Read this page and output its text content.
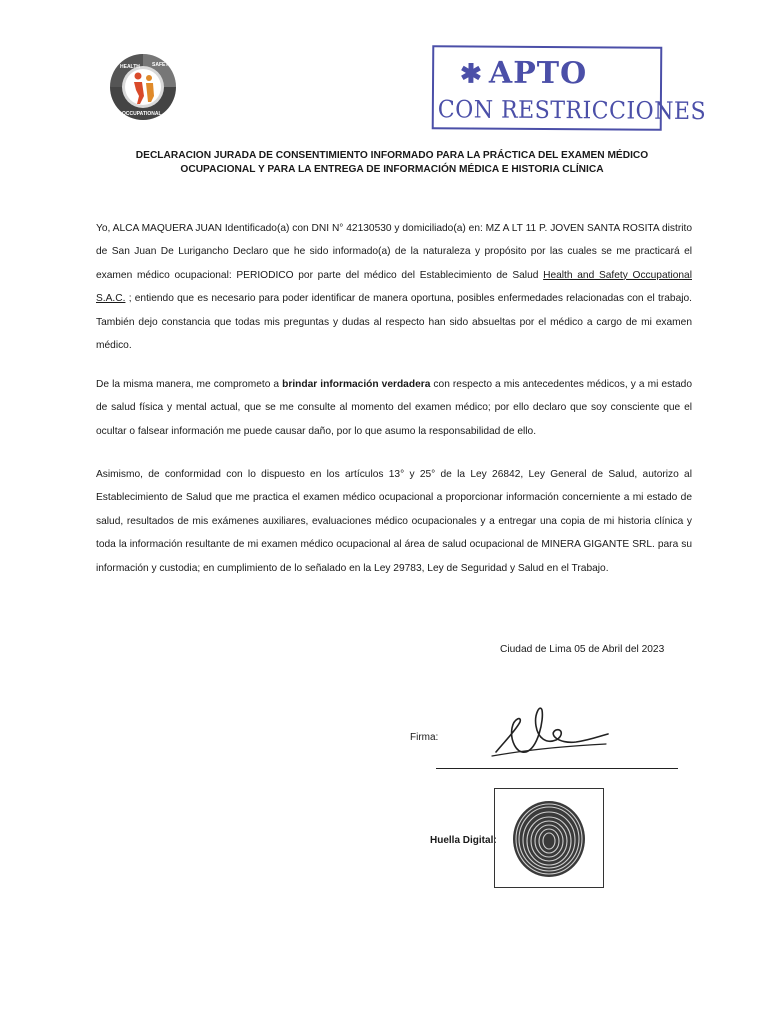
HEALTH SAFETY
OCCUPATIONAL
✱ APTO
CON RESTRICCIONES
DECLARACION JURADA DE CONSENTIMIENTO INFORMADO PARA LA PRÁCTICA DEL EXAMEN MÉDICO
OCUPACIONAL Y PARA LA ENTREGA DE INFORMACIÓN MÉDICA E HISTORIA CLÍNICA
Yo, ALCA MAQUERA JUAN Identificado(a) con DNI N° 42130530 y domiciliado(a) en: MZ A LT 11 P. JOVEN SANTA ROSITA distrito de San Juan De Lurigancho Declaro que he sido informado(a) de la naturaleza y propósito por las cuales se me practicará el examen médico ocupacional: PERIODICO por parte del médico del Establecimiento de Salud Health and Safety Occupational S.A.C. ; entiendo que es necesario para poder identificar de manera oportuna, posibles enfermedades relacionadas con el trabajo. También dejo constancia que todas mis preguntas y dudas al respecto han sido absueltas por el médico a cargo de mi examen médico.
De la misma manera, me comprometo a brindar información verdadera con respecto a mis antecedentes médicos, y a mi estado de salud física y mental actual, que se me consulte al momento del examen médico; por ello declaro que soy consciente que el ocultar o falsear información me puede causar daño, por lo que asumo la responsabilidad de ello.
Asimismo, de conformidad con lo dispuesto en los artículos 13° y 25° de la Ley 26842, Ley General de Salud, autorizo al Establecimiento de Salud que me practica el examen médico ocupacional a proporcionar información concerniente a mi estado de salud, resultados de mis exámenes auxiliares, evaluaciones médico ocupacionales y a entregar una copia de mi historia clínica y toda la información resultante de mi examen médico ocupacional al área de salud ocupacional de MINERA GIGANTE SRL. para su información y custodia; en cumplimiento de lo señalado en la Ley 29783, Ley de Seguridad y Salud en el Trabajo.
Ciudad de Lima 05 de Abril del 2023
Firma:
Huella Digital:
